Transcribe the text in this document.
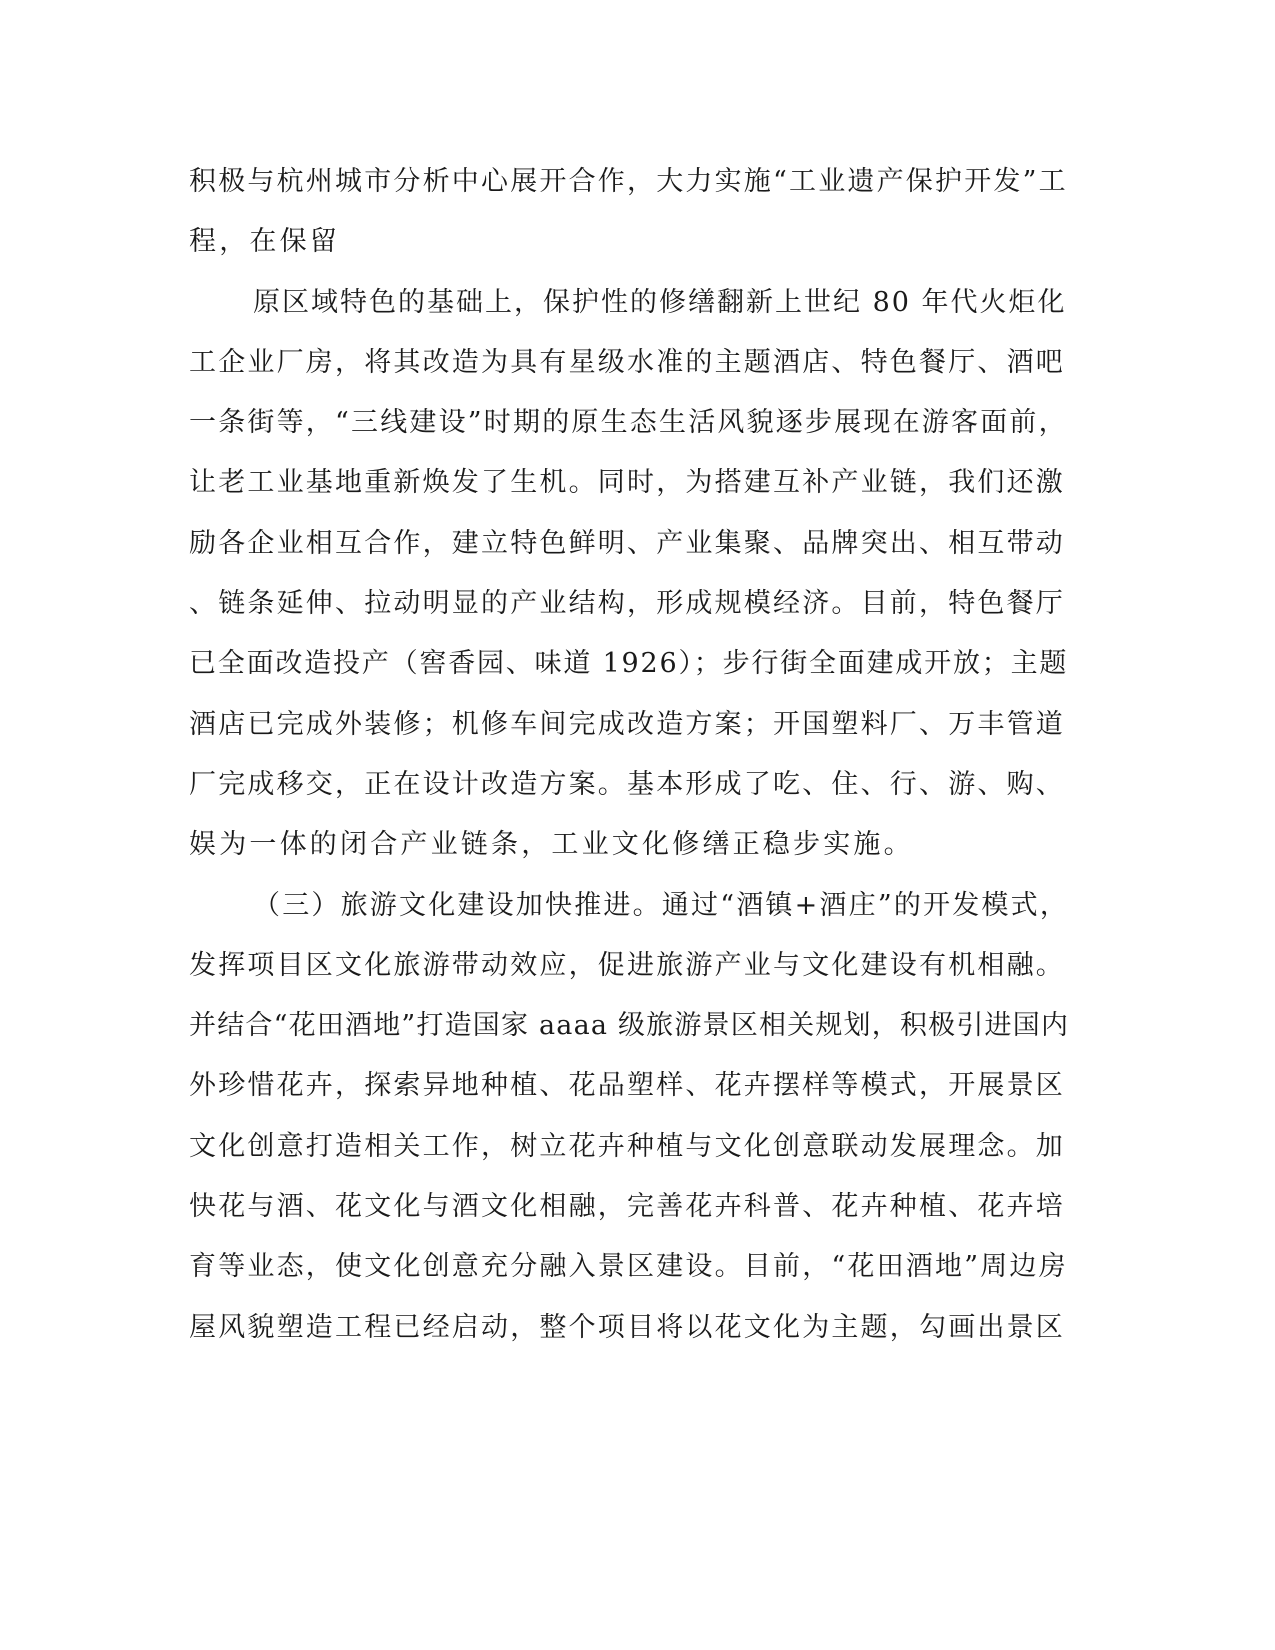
积极与杭州城市分析中心展开合作，大力实施“工业遗产保护开发”工
程，在保留
原区域特色的基础上，保护性的修缮翻新上世纪 80 年代火炬化
工企业厂房，将其改造为具有星级水准的主题酒店、特色餐厅、酒吧
一条街等，“三线建设”时期的原生态生活风貌逐步展现在游客面前，
让老工业基地重新焕发了生机。同时，为搭建互补产业链，我们还激
励各企业相互合作，建立特色鲜明、产业集聚、品牌突出、相互带动
、链条延伸、拉动明显的产业结构，形成规模经济。目前，特色餐厅
已全面改造投产（窖香园、味道 1926）；步行街全面建成开放；主题
酒店已完成外装修；机修车间完成改造方案；开国塑料厂、万丰管道
厂完成移交，正在设计改造方案。基本形成了吃、住、行、游、购、
娱为一体的闭合产业链条，工业文化修缮正稳步实施。
（三）旅游文化建设加快推进。通过“酒镇+酒庄”的开发模式，
发挥项目区文化旅游带动效应，促进旅游产业与文化建设有机相融。
并结合“花田酒地”打造国家 aaaa 级旅游景区相关规划，积极引进国内
外珍惜花卉，探索异地种植、花品塑样、花卉摆样等模式，开展景区
文化创意打造相关工作，树立花卉种植与文化创意联动发展理念。加
快花与酒、花文化与酒文化相融，完善花卉科普、花卉种植、花卉培
育等业态，使文化创意充分融入景区建设。目前，“花田酒地”周边房
屋风貌塑造工程已经启动，整个项目将以花文化为主题，勾画出景区
